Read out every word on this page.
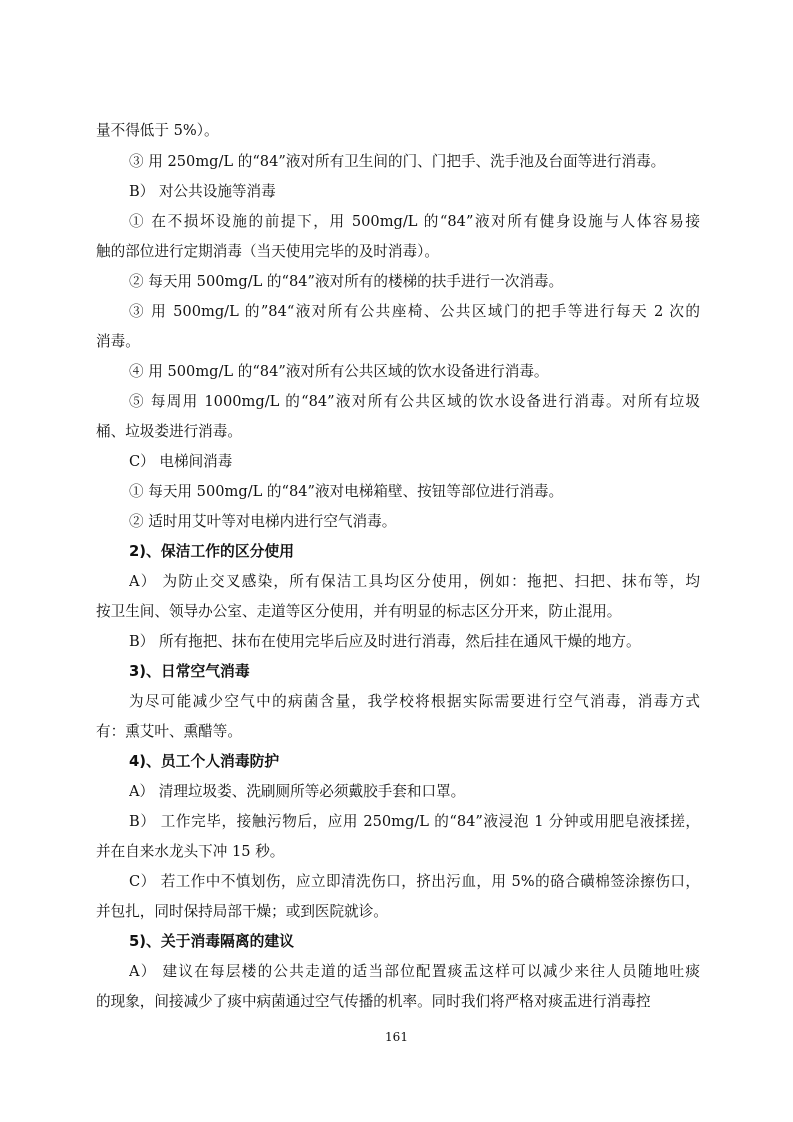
量不得低于 5%）。
③ 用 250mg/L 的“84”液对所有卫生间的门、门把手、洗手池及台面等进行消毒。
B） 对公共设施等消毒
① 在不损坏设施的前提下，用 500mg/L 的“84”液对所有健身设施与人体容易接
触的部位进行定期消毒（当天使用完毕的及时消毒）。
② 每天用 500mg/L 的“84”液对所有的楼梯的扶手进行一次消毒。
③ 用 500mg/L 的”84“液对所有公共座椅、公共区域门的把手等进行每天 2 次的
消毒。
④ 用 500mg/L 的“84”液对所有公共区域的饮水设备进行消毒。
⑤ 每周用 1000mg/L 的“84”液对所有公共区域的饮水设备进行消毒。对所有垃圾
桶、垃圾娄进行消毒。
C） 电梯间消毒
① 每天用 500mg/L 的“84”液对电梯箱壁、按钮等部位进行消毒。
② 适时用艾叶等对电梯内进行空气消毒。
2)、保洁工作的区分使用
A） 为防止交叉感染，所有保洁工具均区分使用，例如：拖把、扫把、抹布等，均
按卫生间、领导办公室、走道等区分使用，并有明显的标志区分开来，防止混用。
B） 所有拖把、抹布在使用完毕后应及时进行消毒，然后挂在通风干燥的地方。
3)、日常空气消毒
为尽可能减少空气中的病菌含量，我学校将根据实际需要进行空气消毒，消毒方式
有：熏艾叶、熏醋等。
4)、员工个人消毒防护
A） 清理垃圾娄、洗刷厕所等必须戴胶手套和口罩。
B） 工作完毕，接触污物后，应用 250mg/L 的“84”液浸泡 1 分钟或用肥皂液揉搓，
并在自来水龙头下冲 15 秒。
C） 若工作中不慎划伤，应立即清洗伤口，挤出污血，用 5%的硌合磺棉签涂擦伤口，
并包扎，同时保持局部干燥；或到医院就诊。
5)、关于消毒隔离的建议
A） 建议在每层楼的公共走道的适当部位配置痰盂这样可以减少来往人员随地吐痰
的现象，间接减少了痰中病菌通过空气传播的机率。同时我们将严格对痰盂进行消毒控
161
